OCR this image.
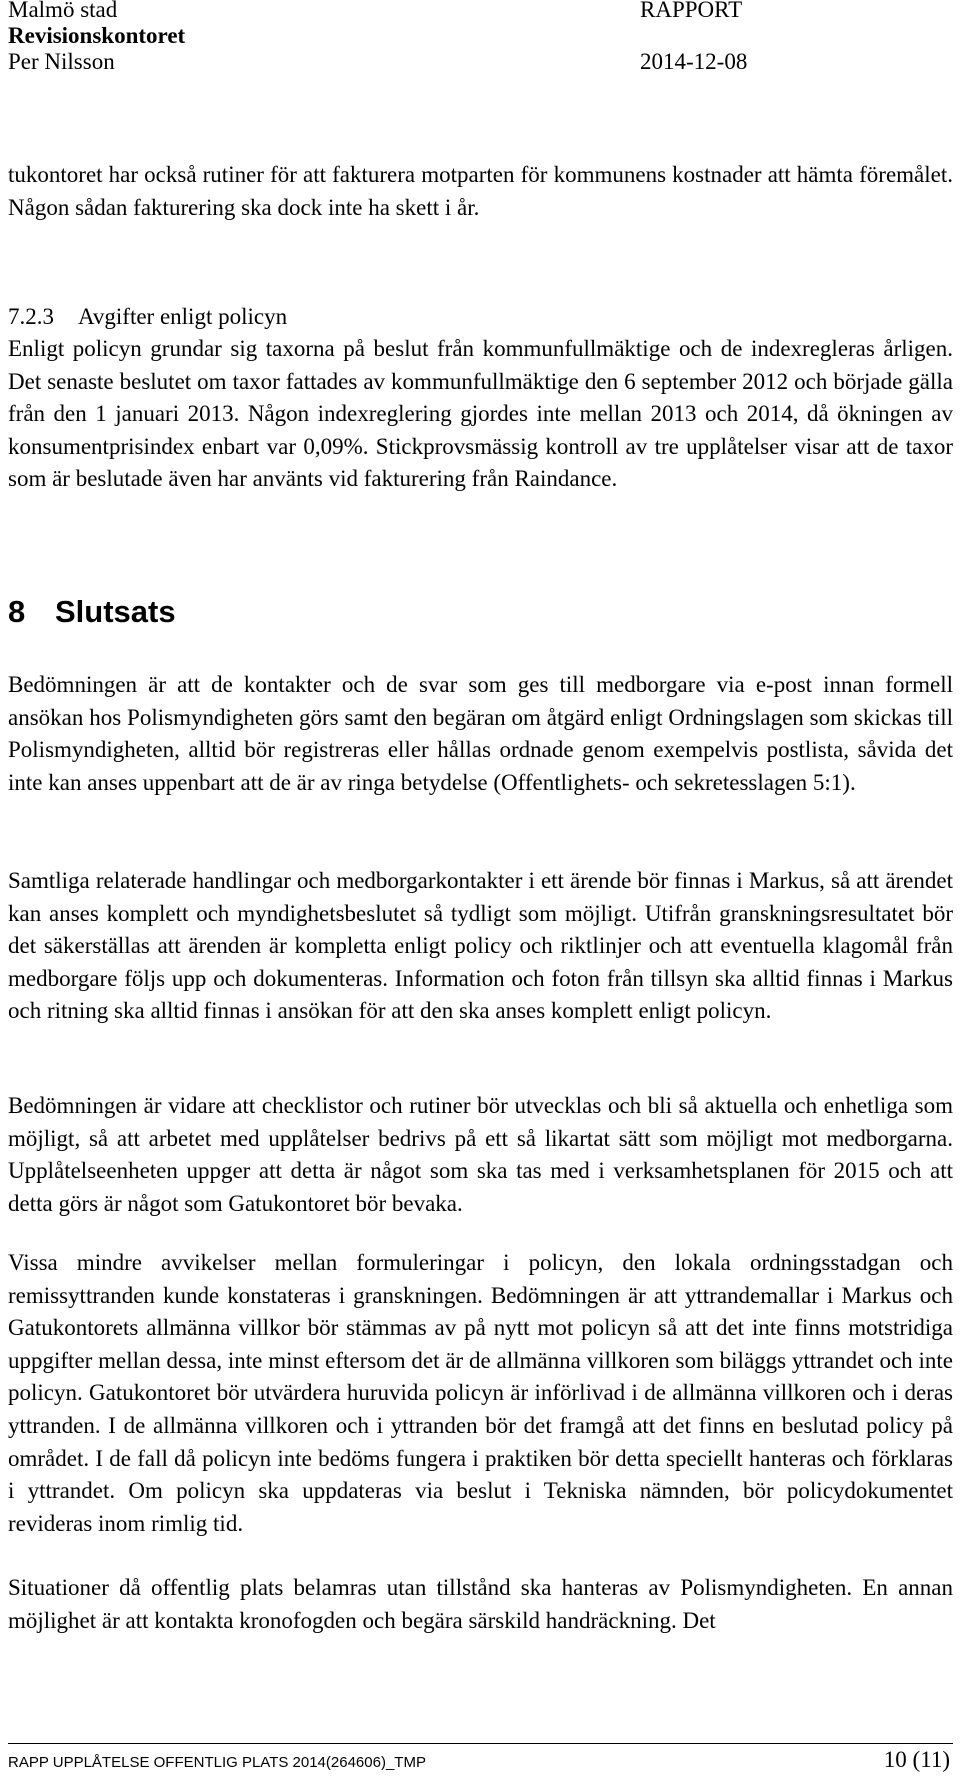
Malmö stad
Revisionskontoret
Per Nilsson
RAPPORT
2014-12-08

tukontoret har också rutiner för att fakturera motparten för kommunens kostnader att hämta föremålet. Någon sådan fakturering ska dock inte ha skett i år.

7.2.3 Avgifter enligt policyn

Enligt policyn grundar sig taxorna på beslut från kommunfullmäktige och de indexregleras årligen. Det senaste beslutet om taxor fattades av kommunfullmäktige den 6 september 2012 och började gälla från den 1 januari 2013. Någon indexreglering gjordes inte mellan 2013 och 2014, då ökningen av konsumentprisindex enbart var 0,09%. Stickprovsmässig kontroll av tre upplåtelser visar att de taxor som är beslutade även har använts vid fakturering från Raindance.

8 Slutsats

Bedömningen är att de kontakter och de svar som ges till medborgare via e-post innan formell ansökan hos Polismyndigheten görs samt den begäran om åtgärd enligt Ordningslagen som skickas till Polismyndigheten, alltid bör registreras eller hållas ordnade genom exempelvis postlista, såvida det inte kan anses uppenbart att de är av ringa betydelse (Offentlighets- och sekretesslagen 5:1).

Samtliga relaterade handlingar och medborgarkontakter i ett ärende bör finnas i Markus, så att ärendet kan anses komplett och myndighetsbeslutet så tydligt som möjligt. Utifrån granskningsresultatet bör det säkerställas att ärenden är kompletta enligt policy och riktlinjer och att eventuella klagomål från medborgare följs upp och dokumenteras. Information och foton från tillsyn ska alltid finnas i Markus och ritning ska alltid finnas i ansökan för att den ska anses komplett enligt policyn.

Bedömningen är vidare att checklistor och rutiner bör utvecklas och bli så aktuella och enhetliga som möjligt, så att arbetet med upplåtelser bedrivs på ett så likartat sätt som möjligt mot medborgarna. Upplåtelseenheten uppger att detta är något som ska tas med i verksamhetsplanen för 2015 och att detta görs är något som Gatukontoret bör bevaka.

Vissa mindre avvikelser mellan formuleringar i policyn, den lokala ordningsstadgan och remissyttranden kunde konstateras i granskningen. Bedömningen är att yttrandemallar i Markus och Gatukontorets allmänna villkor bör stämmas av på nytt mot policyn så att det inte finns motstridiga uppgifter mellan dessa, inte minst eftersom det är de allmänna villkoren som biläggs yttrandet och inte policyn. Gatukontoret bör utvärdera huruvida policyn är införlivad i de allmänna villkoren och i deras yttranden. I de allmänna villkoren och i yttranden bör det framgå att det finns en beslutad policy på området. I de fall då policyn inte bedöms fungera i praktiken bör detta speciellt hanteras och förklaras i yttrandet. Om policyn ska uppdateras via beslut i Tekniska nämnden, bör policydokumentet revideras inom rimlig tid.

Situationer då offentlig plats belamras utan tillstånd ska hanteras av Polismyndigheten. En annan möjlighet är att kontakta kronofogden och begära särskild handräckning. Det

RAPP UPPLÅTELSE OFFENTLIG PLATS 2014(264606)_TMP	10 (11)
